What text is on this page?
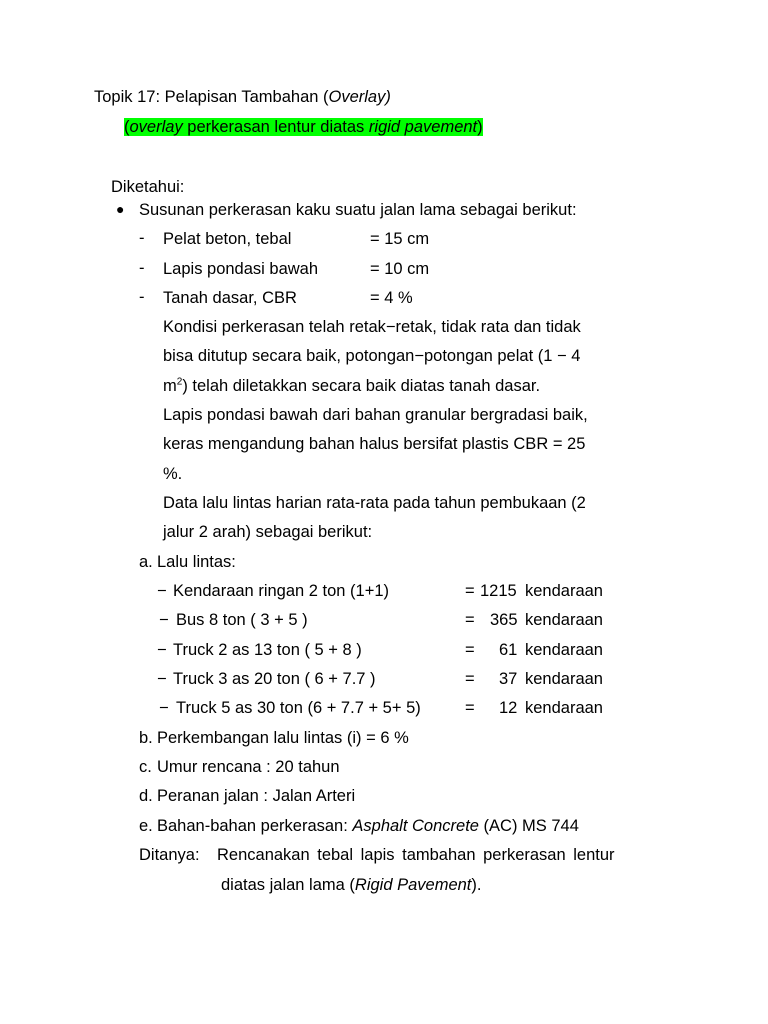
Topik 17: Pelapisan Tambahan (Overlay)
(overlay perkerasan lentur diatas rigid pavement)
Diketahui:
● Susunan perkerasan kaku suatu jalan lama sebagai berikut:
- Pelat beton, tebal	= 15 cm
- Lapis pondasi bawah	= 10 cm
- Tanah dasar, CBR	= 4 %
Kondisi perkerasan telah retak−retak, tidak rata dan tidak
bisa ditutup secara baik, potongan−potongan pelat (1 − 4
$m^2$) telah diletakkan secara baik diatas tanah dasar.
Lapis pondasi bawah dari bahan granular bergradasi baik,
keras mengandung bahan halus bersifat plastis CBR = 25
%.
Data lalu lintas harian rata-rata pada tahun pembukaan (2
jalur 2 arah) sebagai berikut:
a. Lalu lintas:
− Kendaraan ringan 2 ton (1+1)	= 1215 kendaraan
− Bus 8 ton ( 3 + 5 )	= 365 kendaraan
− Truck 2 as 13 ton ( 5 + 8 )	= 61 kendaraan
− Truck 3 as 20 ton ( 6 + 7.7 )	= 37 kendaraan
− Truck 5 as 30 ton (6 + 7.7 + 5+ 5)	= 12 kendaraan
b. Perkembangan lalu lintas (i) = 6 %
c. Umur rencana : 20 tahun
d. Peranan jalan : Jalan Arteri
e. Bahan-bahan perkerasan: Asphalt Concrete (AC) MS 744
Ditanya: Rencanakan tebal lapis tambahan perkerasan lentur
diatas jalan lama (Rigid Pavement).
